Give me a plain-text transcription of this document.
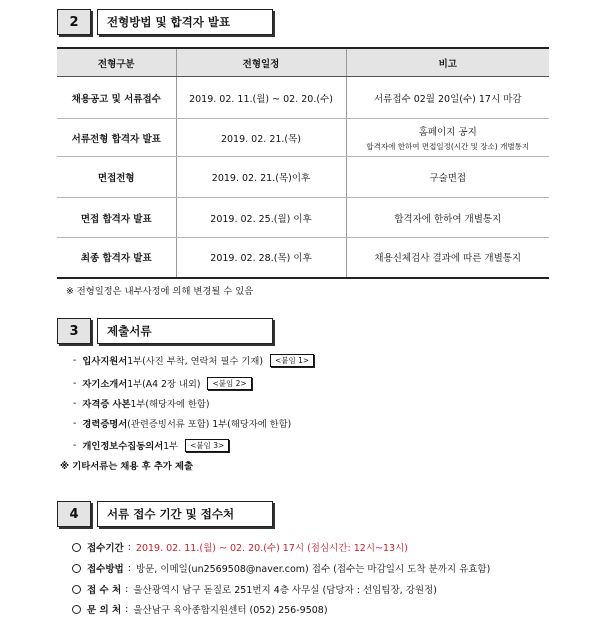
2	전형방법 및 합격자 발표
전형구분	전형일정	비고
채용공고 및 서류접수	2019. 02. 11.(월) ~ 02. 20.(수)	서류접수 02월 20일(수) 17시 마감
서류전형 합격자 발표	2019. 02. 21.(목)	홈페이지 공지
합격자에 한하여 면접일정(시간 및 장소) 개별통지

면접전형	2019. 02. 21.(목)이후	구술면접
면접 합격자 발표	2019. 02. 25.(월) 이후	합격자에 한하여 개별통지
최종 합격자 발표	2019. 02. 28.(목) 이후	채용신체검사 결과에 따른 개별통지
※ 전형일정은 내부사정에 의해 변경될 수 있음
3	제출서류
- 입사지원서 1부(사진 부착, 연락처 필수 기재)	<붙임 1>
- 자기소개서 1부(A4 2장 내외)	<붙임 2>
- 자격증 사본 1부(해당자에 한함)
- 경력증명서 (관련증빙서류 포함) 1부(해당자에 한함)
- 개인정보수집동의서 1부	<붙임 3>
※ 기타서류는 채용 후 추가 제출
4	서류 접수 기간 및 접수처
접수기간 : 2019. 02. 11.(월) ~ 02. 20.(수) 17시 (점심시간: 12시~13시)
접수방법 : 방문, 이메일(un2569508@naver.com) 접수 (접수는 마감일시 도착 분까지 유효함)
접 수 처 : 울산광역시 남구 돋질로 251번지 4층 사무실 (담당자 : 선임팀장, 강원정)
문 의 처 : 울산남구 육아종합지원센터 (052) 256-9508)
